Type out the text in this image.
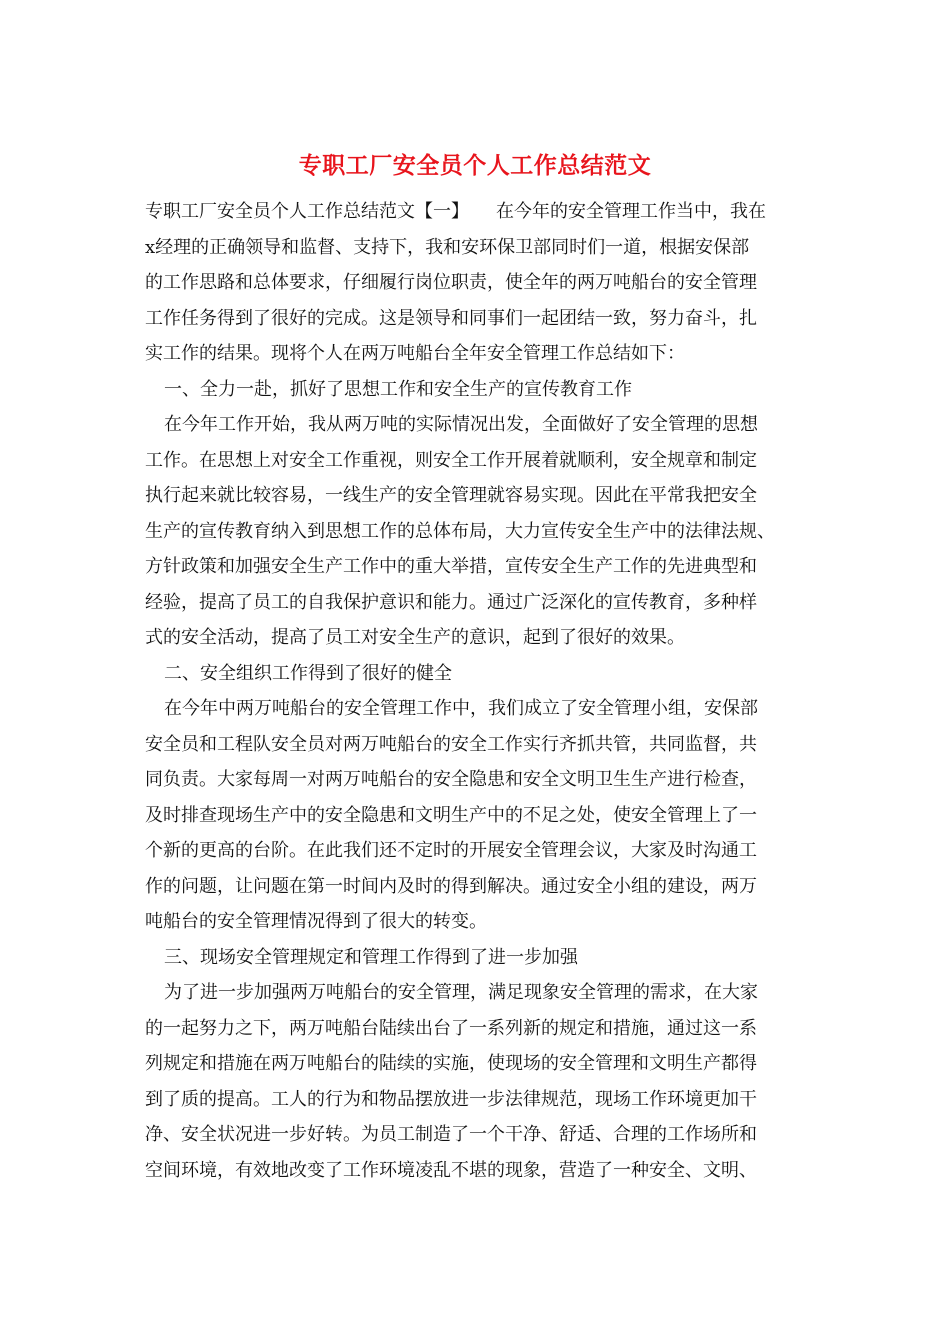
专职工厂安全员个人工作总结范文
专职工厂安全员个人工作总结范文【一】　　在今年的安全管理工作当中，我在
x经理的正确领导和监督、支持下，我和安环保卫部同时们一道，根据安保部
的工作思路和总体要求，仔细履行岗位职责，使全年的两万吨船台的安全管理
工作任务得到了很好的完成。这是领导和同事们一起团结一致，努力奋斗，扎
实工作的结果。现将个人在两万吨船台全年安全管理工作总结如下：
一、全力一赴，抓好了思想工作和安全生产的宣传教育工作
在今年工作开始，我从两万吨的实际情况出发，全面做好了安全管理的思想
工作。在思想上对安全工作重视，则安全工作开展着就顺利，安全规章和制定
执行起来就比较容易，一线生产的安全管理就容易实现。因此在平常我把安全
生产的宣传教育纳入到思想工作的总体布局，大力宣传安全生产中的法律法规、
方针政策和加强安全生产工作中的重大举措，宣传安全生产工作的先进典型和
经验，提高了员工的自我保护意识和能力。通过广泛深化的宣传教育，多种样
式的安全活动，提高了员工对安全生产的意识，起到了很好的效果。
二、安全组织工作得到了很好的健全
在今年中两万吨船台的安全管理工作中，我们成立了安全管理小组，安保部
安全员和工程队安全员对两万吨船台的安全工作实行齐抓共管，共同监督，共
同负责。大家每周一对两万吨船台的安全隐患和安全文明卫生生产进行检查，
及时排查现场生产中的安全隐患和文明生产中的不足之处，使安全管理上了一
个新的更高的台阶。在此我们还不定时的开展安全管理会议，大家及时沟通工
作的问题，让问题在第一时间内及时的得到解决。通过安全小组的建设，两万
吨船台的安全管理情况得到了很大的转变。
三、现场安全管理规定和管理工作得到了进一步加强
为了进一步加强两万吨船台的安全管理，满足现象安全管理的需求，在大家
的一起努力之下，两万吨船台陆续出台了一系列新的规定和措施，通过这一系
列规定和措施在两万吨船台的陆续的实施，使现场的安全管理和文明生产都得
到了质的提高。工人的行为和物品摆放进一步法律规范，现场工作环境更加干
净、安全状况进一步好转。为员工制造了一个干净、舒适、合理的工作场所和
空间环境，有效地改变了工作环境凌乱不堪的现象，营造了一种安全、文明、
